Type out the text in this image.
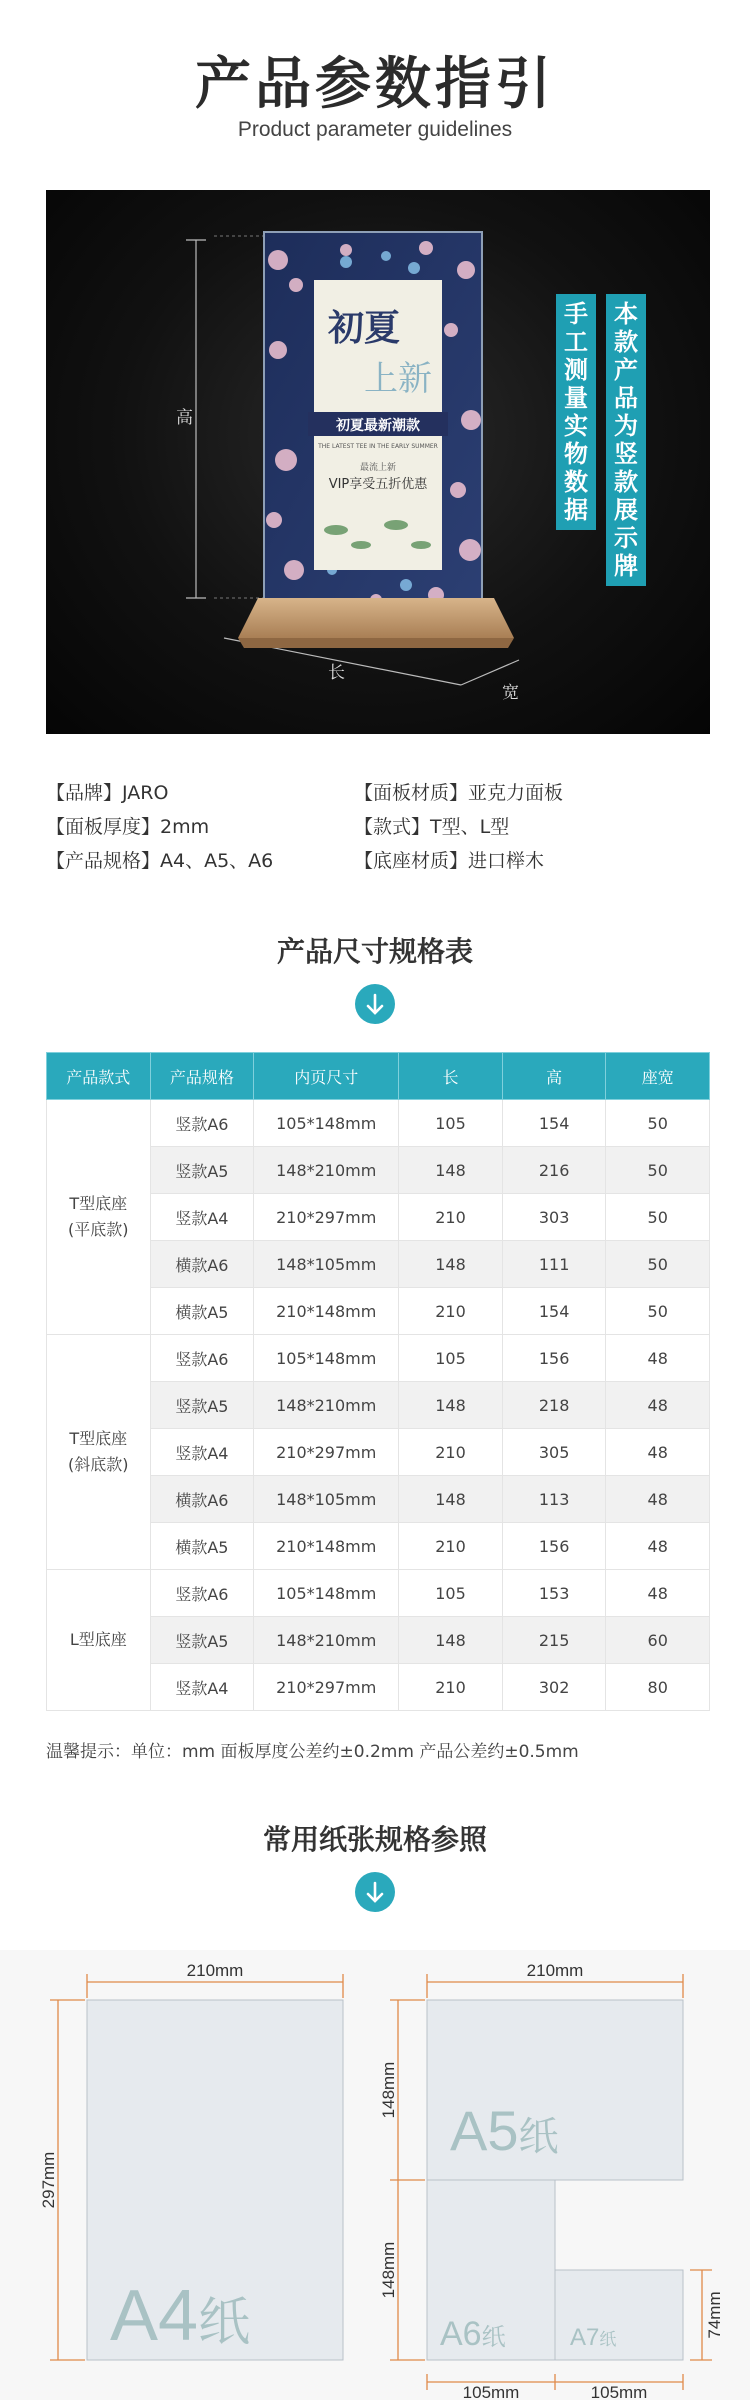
产品参数指引
Product parameter guidelines
初夏
上新
初夏最新潮款
THE LATEST TEE IN THE EARLY SUMMER
最流上新
VIP享受五折优惠
高
长
宽
手
工
测
量
实
物
数
据
本
款
产
品
为
竖
款
展
示
牌
【品牌】JARO	【面板材质】亚克力面板
【面板厚度】2mm	【款式】T型、L型
【产品规格】A4、A5、A6	【底座材质】进口榉木
产品尺寸规格表
产品款式	产品规格	内页尺寸	长	高	座宽
T型底座
(平底款)	竖款A6	105*148mm	105	154	50
	竖款A5	148*210mm	148	216	50
	竖款A4	210*297mm	210	303	50
	横款A6	148*105mm	148	111	50
	横款A5	210*148mm	210	154	50
T型底座
(斜底款)	竖款A6	105*148mm	105	156	48
	竖款A5	148*210mm	148	218	48
	竖款A4	210*297mm	210	305	48
	横款A6	148*105mm	148	113	48
	横款A5	210*148mm	210	156	48
L型底座	竖款A6	105*148mm	105	153	48
	竖款A5	148*210mm	148	215	60
	竖款A4	210*297mm	210	302	80
温馨提示：单位：mm 面板厚度公差约±0.2mm 产品公差约±0.5mm
常用纸张规格参照
210mm	210mm
297mm
148mm
148mm
74mm
105mm	105mm
A4纸
A5纸
A6纸	A7纸
